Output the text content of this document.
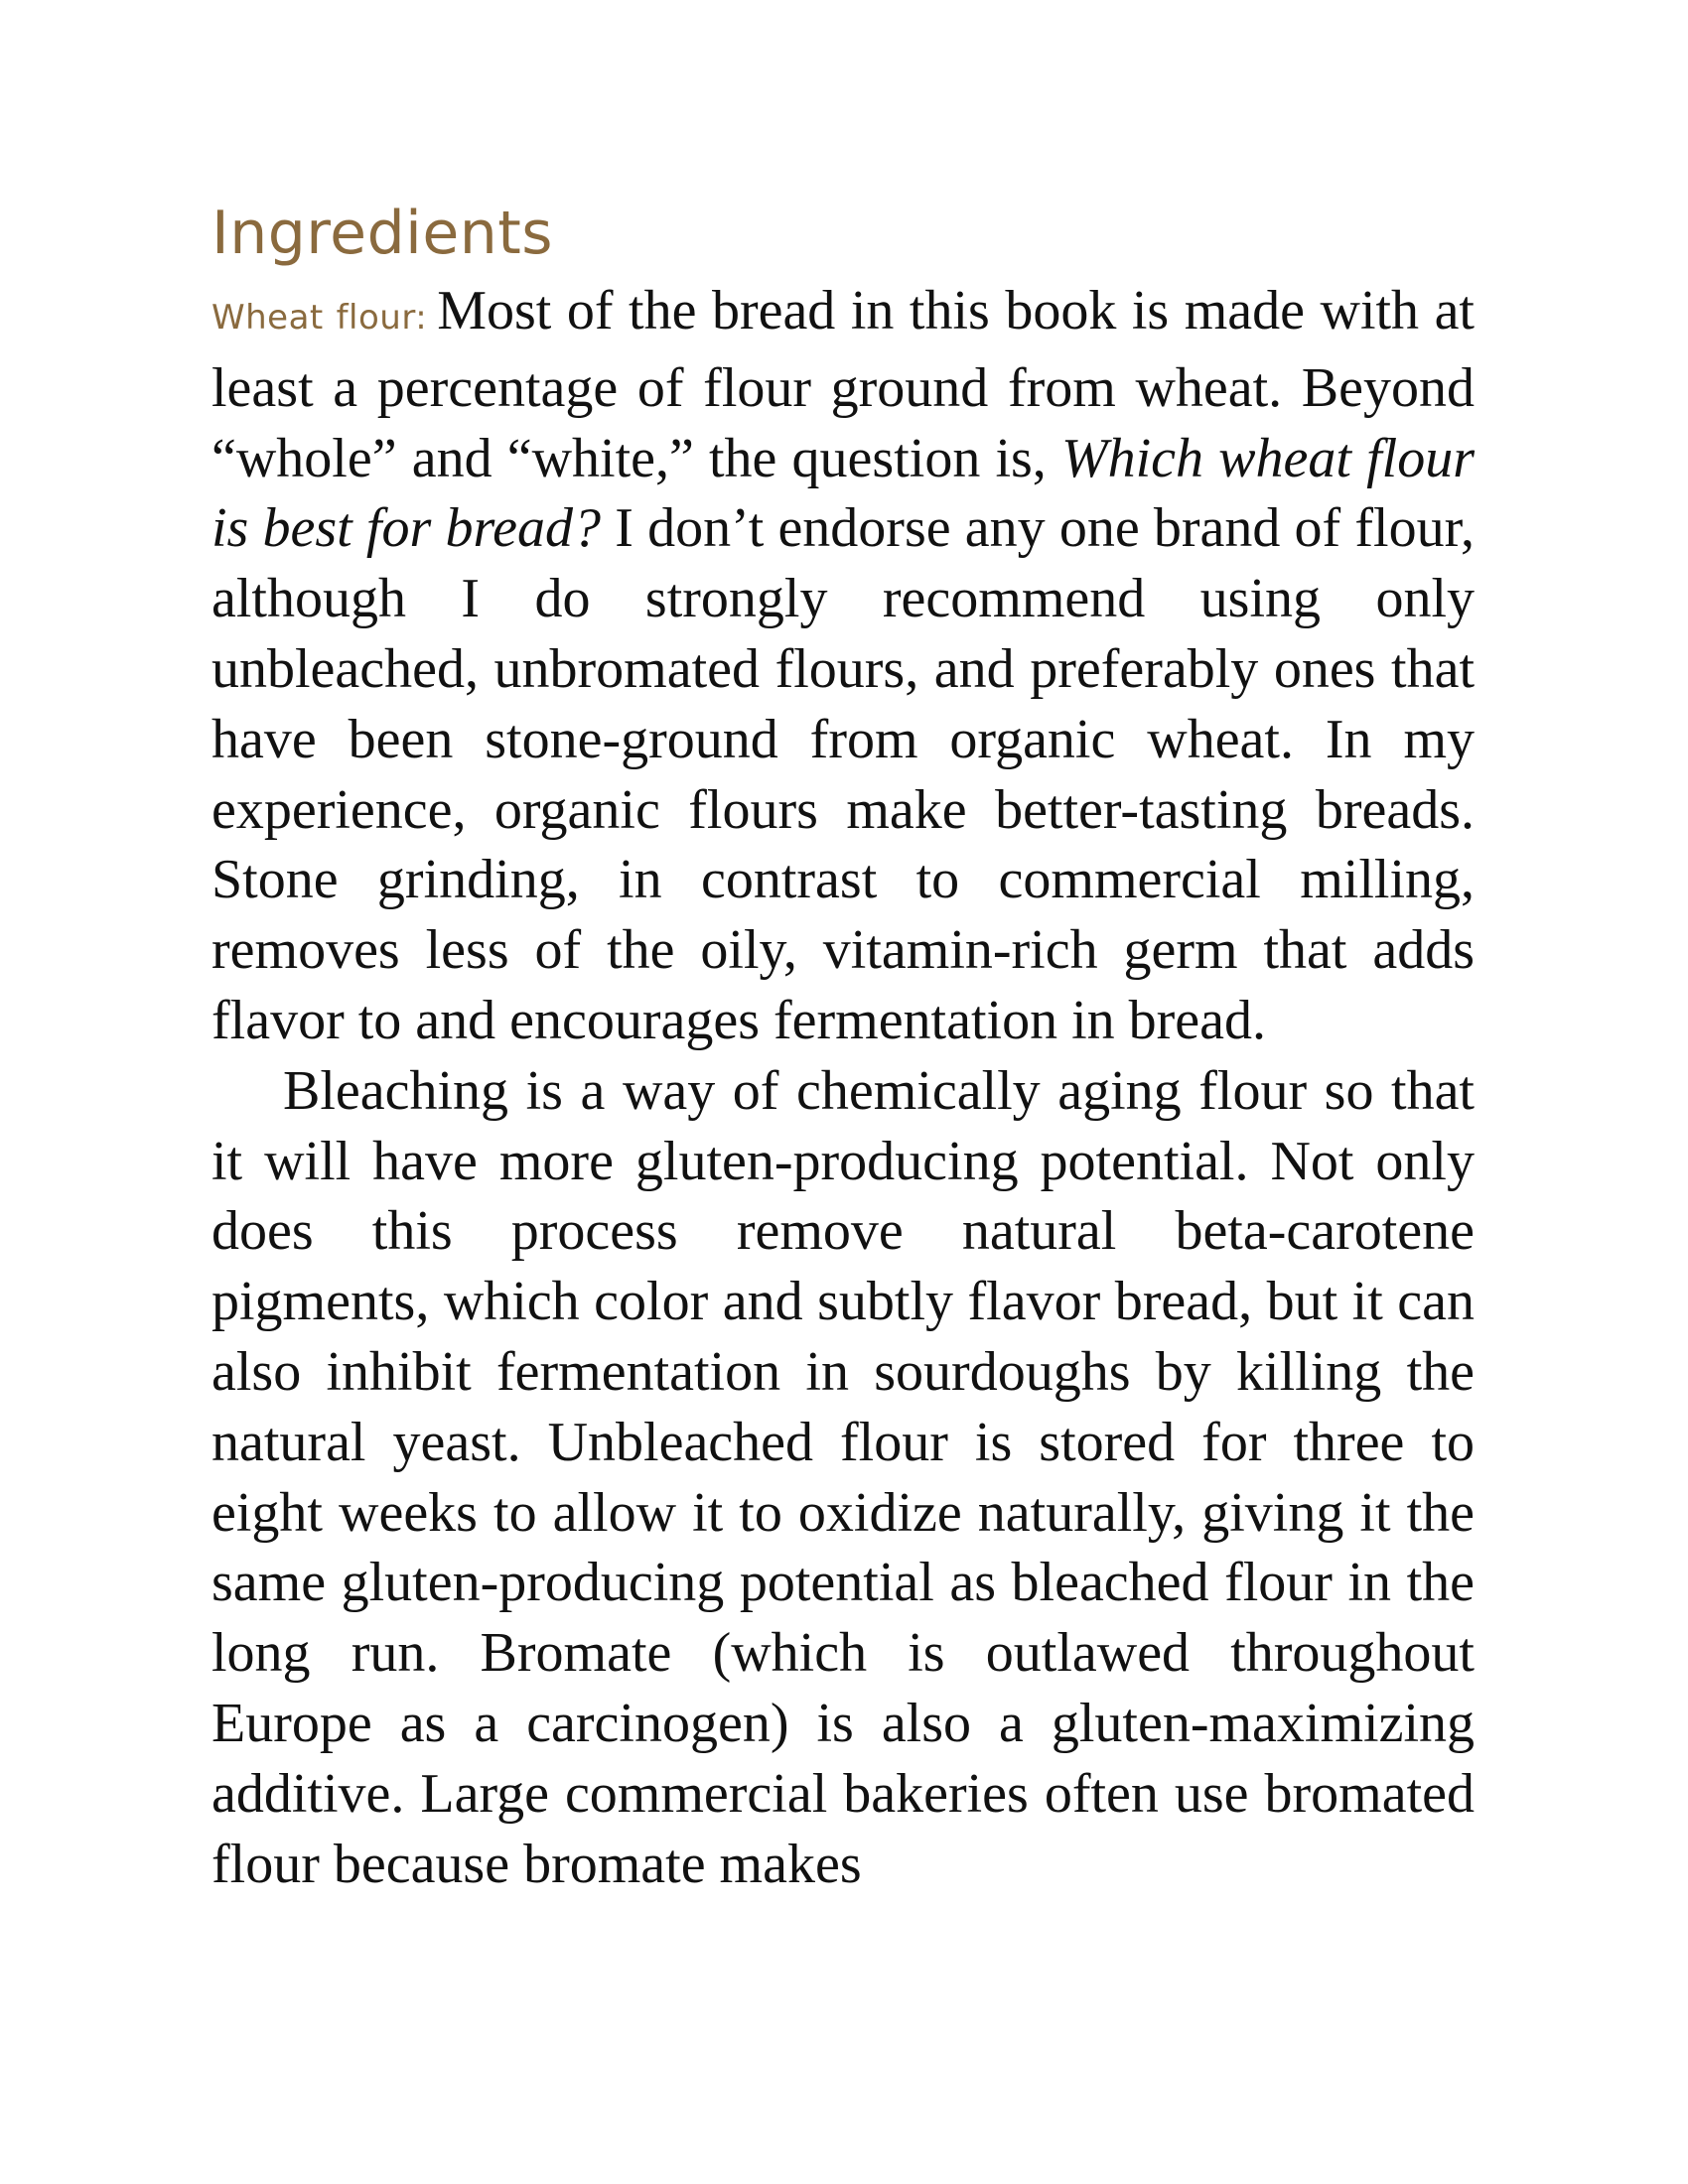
Ingredients

Wheat flour: Most of the bread in this book is made with at least a percentage of flour ground from wheat. Beyond “whole” and “white,” the question is, Which wheat flour is best for bread? I don’t endorse any one brand of flour, although I do strongly recommend using only unbleached, unbromated flours, and preferably ones that have been stone-ground from organic wheat. In my experience, organic flours make better-tasting breads. Stone grinding, in contrast to commercial milling, removes less of the oily, vitamin-rich germ that adds flavor to and encourages fermentation in bread.

Bleaching is a way of chemically aging flour so that it will have more gluten-producing potential. Not only does this process remove natural beta-carotene pigments, which color and subtly flavor bread, but it can also inhibit fermentation in sourdoughs by killing the natural yeast. Unbleached flour is stored for three to eight weeks to allow it to oxidize naturally, giving it the same gluten-producing potential as bleached flour in the long run. Bromate (which is outlawed throughout Europe as a carcinogen) is also a gluten-maximizing additive. Large commercial bakeries often use bromated flour because bromate makes
